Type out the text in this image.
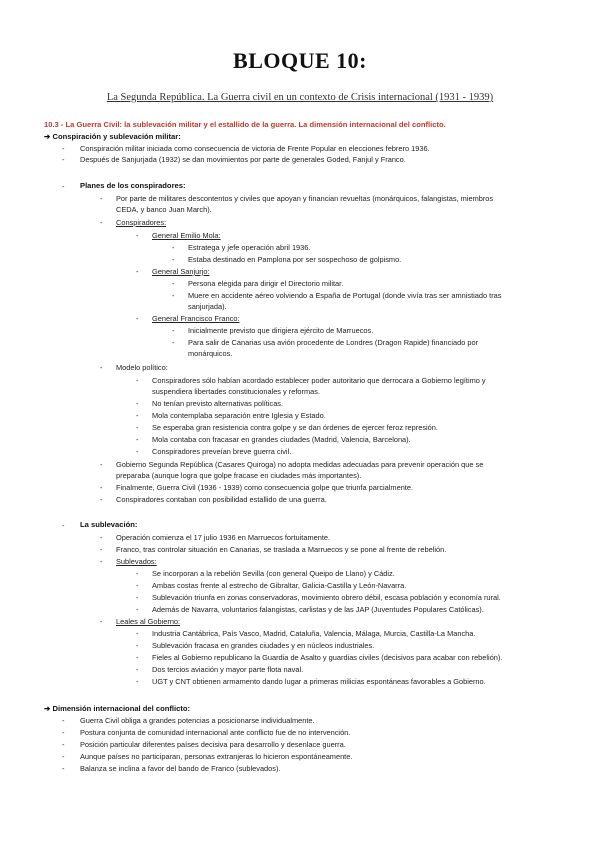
BLOQUE 10:
La Segunda República. La Guerra civil en un contexto de Crisis internacional (1931 - 1939)
10.3 - La Guerra Civil: la sublevación militar y el estallido de la guerra. La dimensión internacional del conflicto.
➔ Conspiración y sublevación militar:
- Conspiración militar iniciada como consecuencia de victoria de Frente Popular en elecciones febrero 1936.
- Después de Sanjurjada (1932) se dan movimientos por parte de generales Goded, Fanjul y Franco.
- Planes de los conspiradores:
- Por parte de militares descontentos y civiles que apoyan y financian revueltas (monárquicos, falangistas, miembros
CEDA, y banco Juan March).
- Conspiradores:
- General Emilio Mola:
- Estratega y jefe operación abril 1936.
- Estaba destinado en Pamplona por ser sospechoso de golpismo.
- General Sanjurjo:
- Persona elegida para dirigir el Directorio militar.
- Muere en accidente aéreo volviendo a España de Portugal (donde vivía tras ser amnistiado tras
sanjurjada).
- General Francisco Franco:
- Inicialmente previsto que dirigiera ejército de Marruecos.
- Para salir de Canarias usa avión procedente de Londres (Dragon Rapide) financiado por
monárquicos.
- Modelo político:
- Conspiradores sólo habían acordado establecer poder autoritario que derrocara a Gobierno legítimo y
suspendiera libertades constitucionales y reformas.
- No tenían previsto alternativas políticas.
- Mola contemplaba separación entre Iglesia y Estado.
- Se esperaba gran resistencia contra golpe y se dan órdenes de ejercer feroz represión.
- Mola contaba con fracasar en grandes ciudades (Madrid, Valencia, Barcelona).
- Conspiradores preveían breve guerra civil.
- Gobierno Segunda República (Casares Quiroga) no adopta medidas adecuadas para prevenir operación que se
preparaba (aunque logra que golpe fracase en ciudades más importantes).
- Finalmente, Guerra Civil (1936 - 1939) como consecuencia golpe que triunfa parcialmente.
- Conspiradores contaban con posibilidad estallido de una guerra.
- La sublevación:
- Operación comienza el 17 julio 1936 en Marruecos fortuitamente.
- Franco, tras controlar situación en Canarias, se traslada a Marruecos y se pone al frente de rebelión.
- Sublevados:
- Se incorporan a la rebelión Sevilla (con general Queipo de Llano) y Cádiz.
- Ambas costas frente al estrecho de Gibraltar, Galicia-Castilla y León-Navarra.
- Sublevación triunfa en zonas conservadoras, movimiento obrero débil, escasa población y economía rural.
- Además de Navarra, voluntarios falangistas, carlistas y de las JAP (Juventudes Populares Católicas).
- Leales al Gobierno:
- Industria Cantábrica, País Vasco, Madrid, Cataluña, Valencia, Málaga, Murcia, Castilla-La Mancha.
- Sublevación fracasa en grandes ciudades y en núcleos industriales.
- Fieles al Gobierno republicano la Guardia de Asalto y guardias civiles (decisivos para acabar con rebelión).
- Dos tercios aviación y mayor parte flota naval.
- UGT y CNT obtienen armamento dando lugar a primeras milicias espontáneas favorables a Gobierno.
➔ Dimensión internacional del conflicto:
- Guerra Civil obliga a grandes potencias a posicionarse individualmente.
- Postura conjunta de comunidad internacional ante conflicto fue de no intervención.
- Posición particular diferentes países decisiva para desarrollo y desenlace guerra.
- Aunque países no participaran, personas extranjeras lo hicieron espontáneamente.
- Balanza se inclina a favor del bando de Franco (sublevados).
